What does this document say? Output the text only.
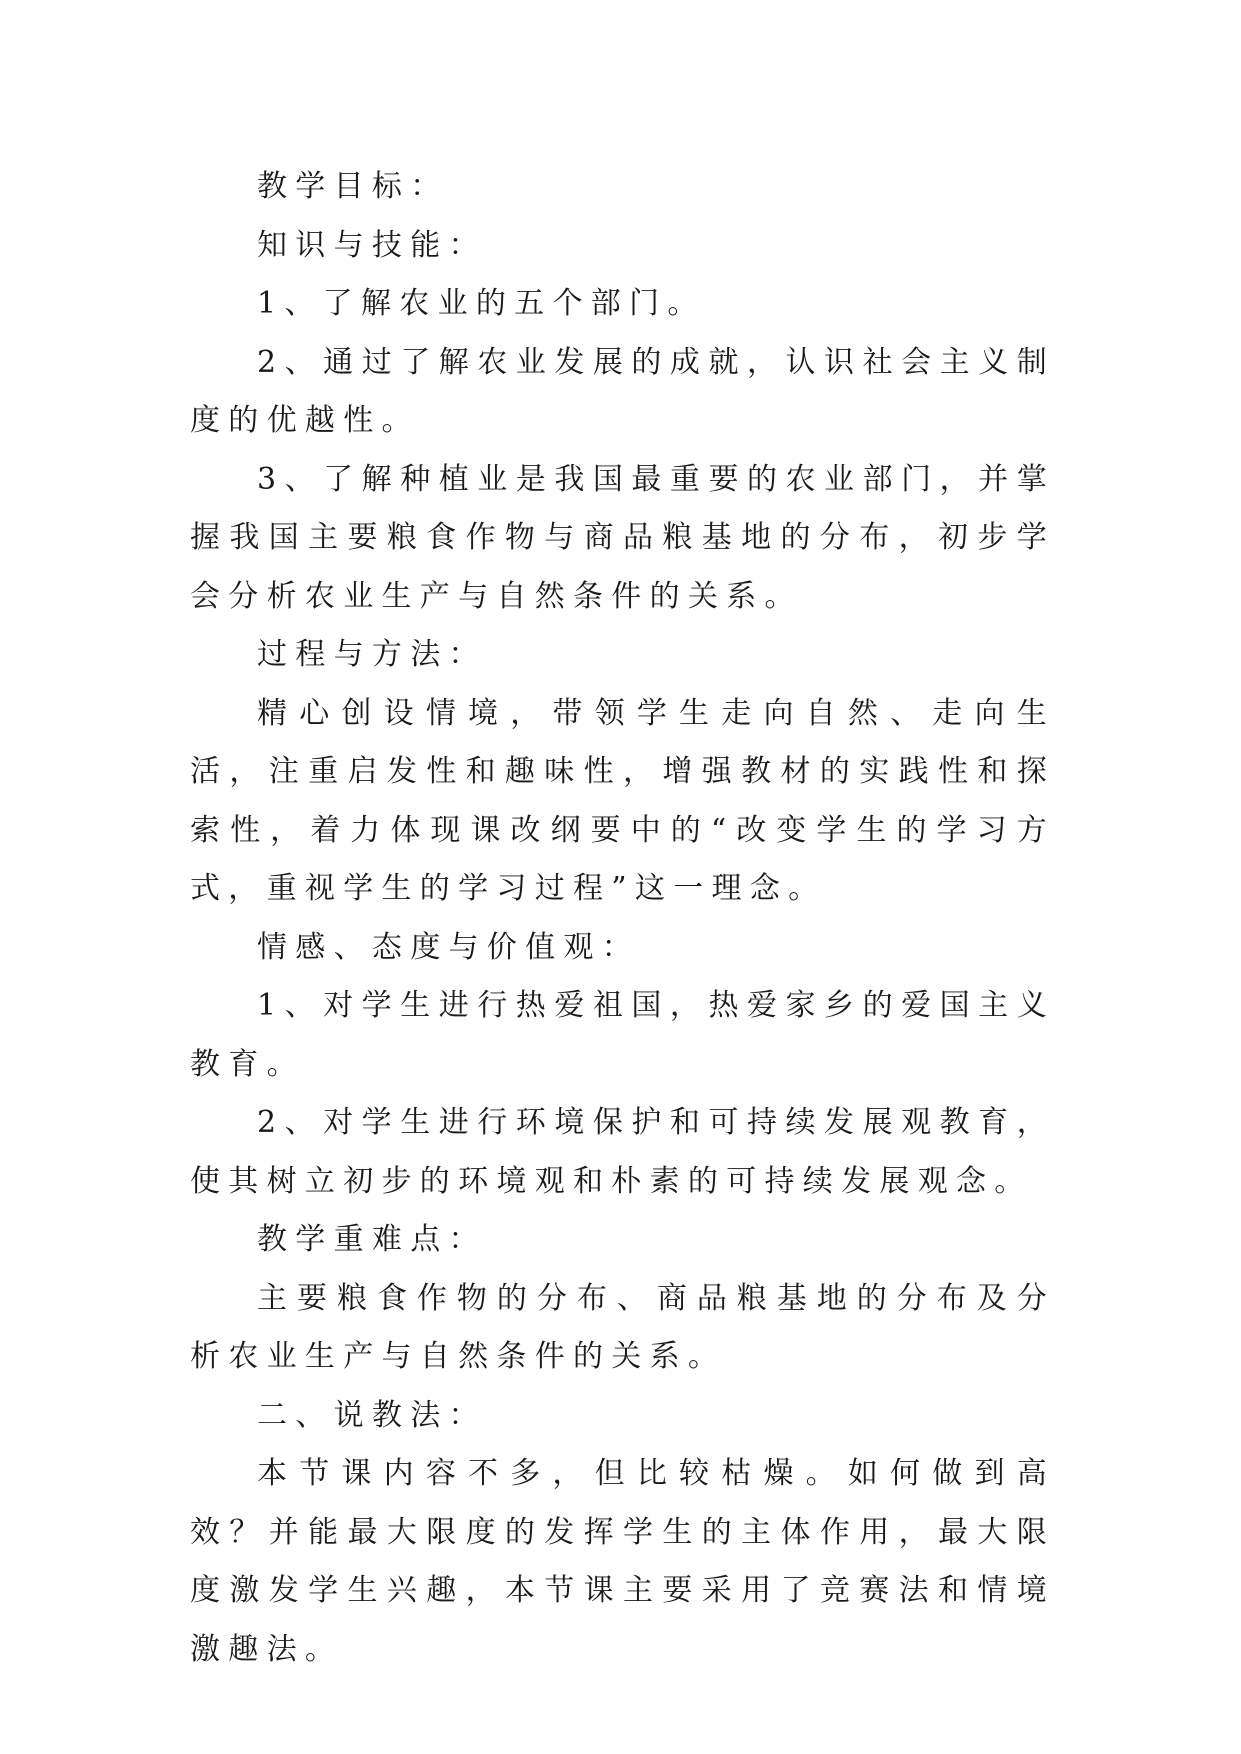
教学目标：

知识与技能：

1、了解农业的五个部门。

2、通过了解农业发展的成就，认识社会主义制度的优越性。

3、了解种植业是我国最重要的农业部门，并掌握我国主要粮食作物与商品粮基地的分布，初步学会分析农业生产与自然条件的关系。

过程与方法：

精心创设情境，带领学生走向自然、走向生活，注重启发性和趣味性，增强教材的实践性和探索性，着力体现课改纲要中的“改变学生的学习方式，重视学生的学习过程”这一理念。

情感、态度与价值观：

1、对学生进行热爱祖国，热爱家乡的爱国主义教育。

2、对学生进行环境保护和可持续发展观教育，使其树立初步的环境观和朴素的可持续发展观念。

教学重难点：

主要粮食作物的分布、商品粮基地的分布及分析农业生产与自然条件的关系。

二、说教法：

本节课内容不多，但比较枯燥。如何做到高效？并能最大限度的发挥学生的主体作用，最大限度激发学生兴趣，本节课主要采用了竞赛法和情境激趣法。
